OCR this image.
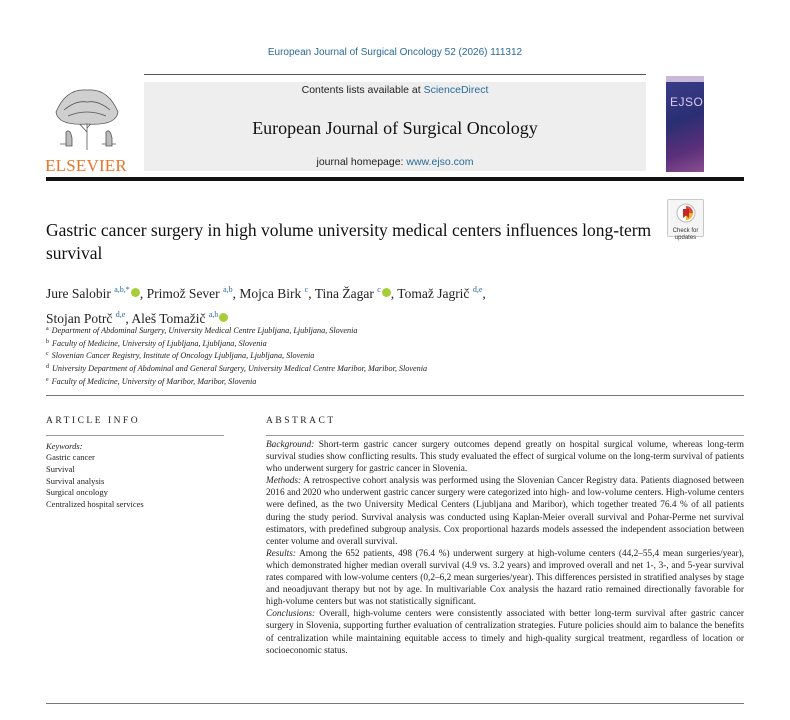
European Journal of Surgical Oncology 52 (2026) 111312
ELSEVIER
Contents lists available at ScienceDirect
European Journal of Surgical Oncology
journal homepage: www.ejso.com
EJSO
Check for
updates
Gastric cancer surgery in high volume university medical centers influences long-term survival
Jure Salobir $^{a,b,*}$ , Primož Sever $^{a,b}$, Mojca Birk $^c$, Tina Žagar $^c$ , Tomaž Jagrič $^{d,e}$,
Stojan Potrč $^{d,e}$, Aleš Tomažič $^{a,b}$
$^a$ Department of Abdominal Surgery, University Medical Centre Ljubljana, Ljubljana, Slovenia
$^b$ Faculty of Medicine, University of Ljubljana, Ljubljana, Slovenia
$^c$ Slovenian Cancer Registry, Institute of Oncology Ljubljana, Ljubljana, Slovenia
$^d$ University Department of Abdominal and General Surgery, University Medical Centre Maribor, Maribor, Slovenia
$^e$ Faculty of Medicine, University of Maribor, Maribor, Slovenia
ARTICLE INFO
Keywords:
Gastric cancer
Survival
Survival analysis
Surgical oncology
Centralized hospital services
ABSTRACT

Background: Short-term gastric cancer surgery outcomes depend greatly on hospital surgical volume, whereas long-term survival studies show conflicting results. This study evaluated the effect of surgical volume on the long-term survival of patients who underwent surgery for gastric cancer in Slovenia.

Methods: A retrospective cohort analysis was performed using the Slovenian Cancer Registry data. Patients diagnosed between 2016 and 2020 who underwent gastric cancer surgery were categorized into high- and low-volume centers. High-volume centers were defined, as the two University Medical Centers (Ljubljana and Maribor), which together treated 76.4 % of all patients during the study period. Survival analysis was conducted using Kaplan-Meier overall survival and Pohar-Perme net survival estimators, with predefined subgroup analysis. Cox proportional hazards models assessed the independent association between center volume and overall survival.

Results: Among the 652 patients, 498 (76.4 %) underwent surgery at high-volume centers (44,2–55,4 mean surgeries/year), which demonstrated higher median overall survival (4.9 vs. 3.2 years) and improved overall and net 1-, 3-, and 5-year survival rates compared with low-volume centers (0,2–6,2 mean surgeries/year). This differences persisted in stratified analyses by stage and neoadjuvant therapy but not by age. In multivariable Cox analysis the hazard ratio remained directionally favorable for high-volume centers but was not statistically significant.

Conclusions: Overall, high-volume centers were consistently associated with better long-term survival after gastric cancer surgery in Slovenia, supporting further evaluation of centralization strategies. Future policies should aim to balance the benefits of centralization while maintaining equitable access to timely and high-quality surgical treatment, regardless of location or socioeconomic status.
